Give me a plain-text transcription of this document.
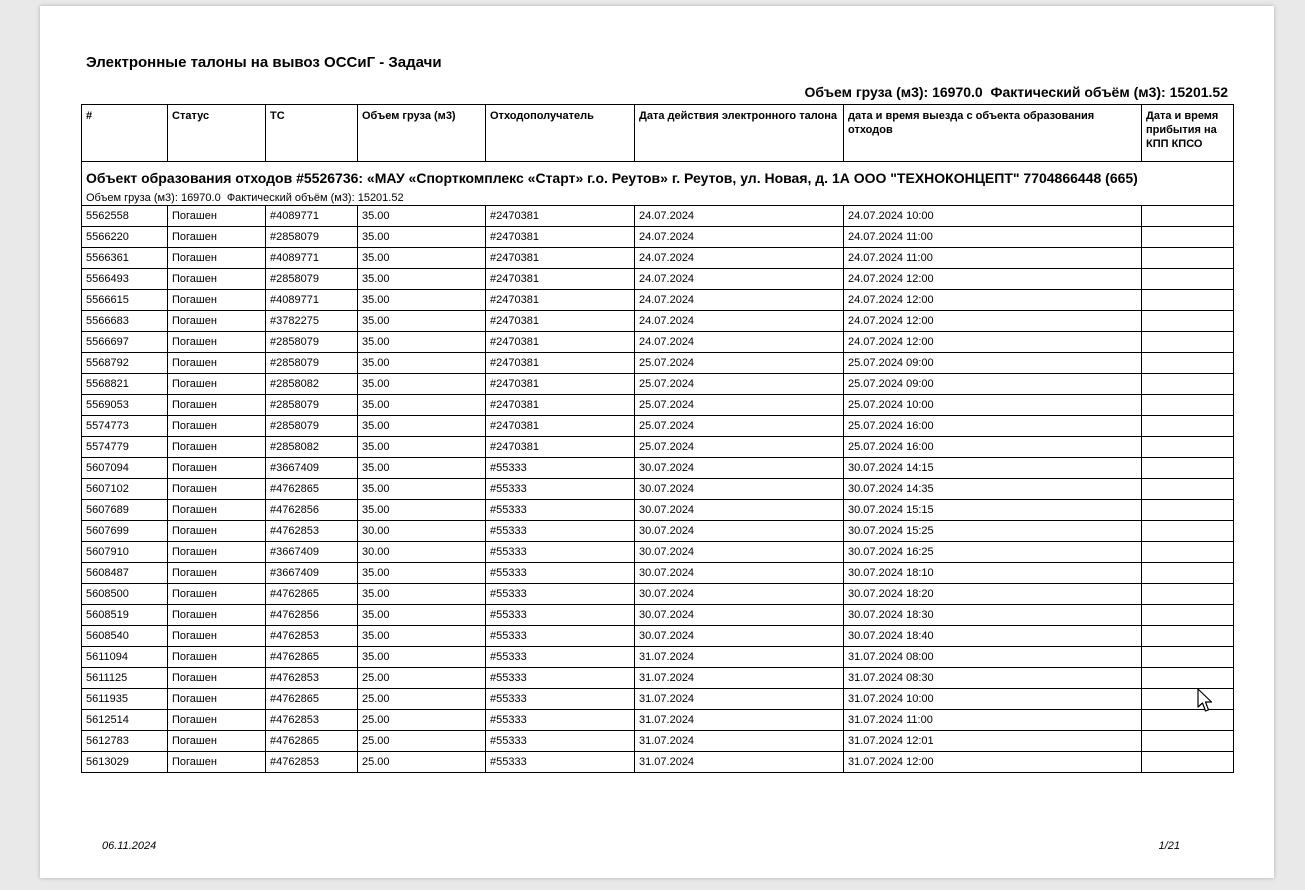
Электронные талоны на вывоз ОССиГ - Задачи
Объем груза (м3): 16970.0  Фактический объём (м3): 15201.52
#	Статус	ТС	Объем груза (м3)	Отходополучатель	Дата действия электронного талона	дата и время выезда с объекта образования отходов	Дата и время прибытия на КПП КПСО
Объект образования отходов #5526736: «МАУ «Спорткомплекс «Старт» г.о. Реутов» г. Реутов, ул. Новая, д. 1А ООО "ТЕХНОКОНЦЕПТ" 7704866448 (665)							
Объем груза (м3): 16970.0  Фактический объём (м3): 15201.52							
5562558	Погашен	#4089771	35.00	#2470381	24.07.2024	24.07.2024 10:00	
5566220	Погашен	#2858079	35.00	#2470381	24.07.2024	24.07.2024 11:00	
5566361	Погашен	#4089771	35.00	#2470381	24.07.2024	24.07.2024 11:00	
5566493	Погашен	#2858079	35.00	#2470381	24.07.2024	24.07.2024 12:00	
5566615	Погашен	#4089771	35.00	#2470381	24.07.2024	24.07.2024 12:00	
5566683	Погашен	#3782275	35.00	#2470381	24.07.2024	24.07.2024 12:00	
5566697	Погашен	#2858079	35.00	#2470381	24.07.2024	24.07.2024 12:00	
5568792	Погашен	#2858079	35.00	#2470381	25.07.2024	25.07.2024 09:00	
5568821	Погашен	#2858082	35.00	#2470381	25.07.2024	25.07.2024 09:00	
5569053	Погашен	#2858079	35.00	#2470381	25.07.2024	25.07.2024 10:00	
5574773	Погашен	#2858079	35.00	#2470381	25.07.2024	25.07.2024 16:00	
5574779	Погашен	#2858082	35.00	#2470381	25.07.2024	25.07.2024 16:00	
5607094	Погашен	#3667409	35.00	#55333	30.07.2024	30.07.2024 14:15	
5607102	Погашен	#4762865	35.00	#55333	30.07.2024	30.07.2024 14:35	
5607689	Погашен	#4762856	35.00	#55333	30.07.2024	30.07.2024 15:15	
5607699	Погашен	#4762853	30.00	#55333	30.07.2024	30.07.2024 15:25	
5607910	Погашен	#3667409	30.00	#55333	30.07.2024	30.07.2024 16:25	
5608487	Погашен	#3667409	35.00	#55333	30.07.2024	30.07.2024 18:10	
5608500	Погашен	#4762865	35.00	#55333	30.07.2024	30.07.2024 18:20	
5608519	Погашен	#4762856	35.00	#55333	30.07.2024	30.07.2024 18:30	
5608540	Погашен	#4762853	35.00	#55333	30.07.2024	30.07.2024 18:40	
5611094	Погашен	#4762865	35.00	#55333	31.07.2024	31.07.2024 08:00	
5611125	Погашен	#4762853	25.00	#55333	31.07.2024	31.07.2024 08:30	
5611935	Погашен	#4762865	25.00	#55333	31.07.2024	31.07.2024 10:00	
5612514	Погашен	#4762853	25.00	#55333	31.07.2024	31.07.2024 11:00	
5612783	Погашен	#4762865	25.00	#55333	31.07.2024	31.07.2024 12:01	
5613029	Погашен	#4762853	25.00	#55333	31.07.2024	31.07.2024 12:00	
06.11.2024	1/21
